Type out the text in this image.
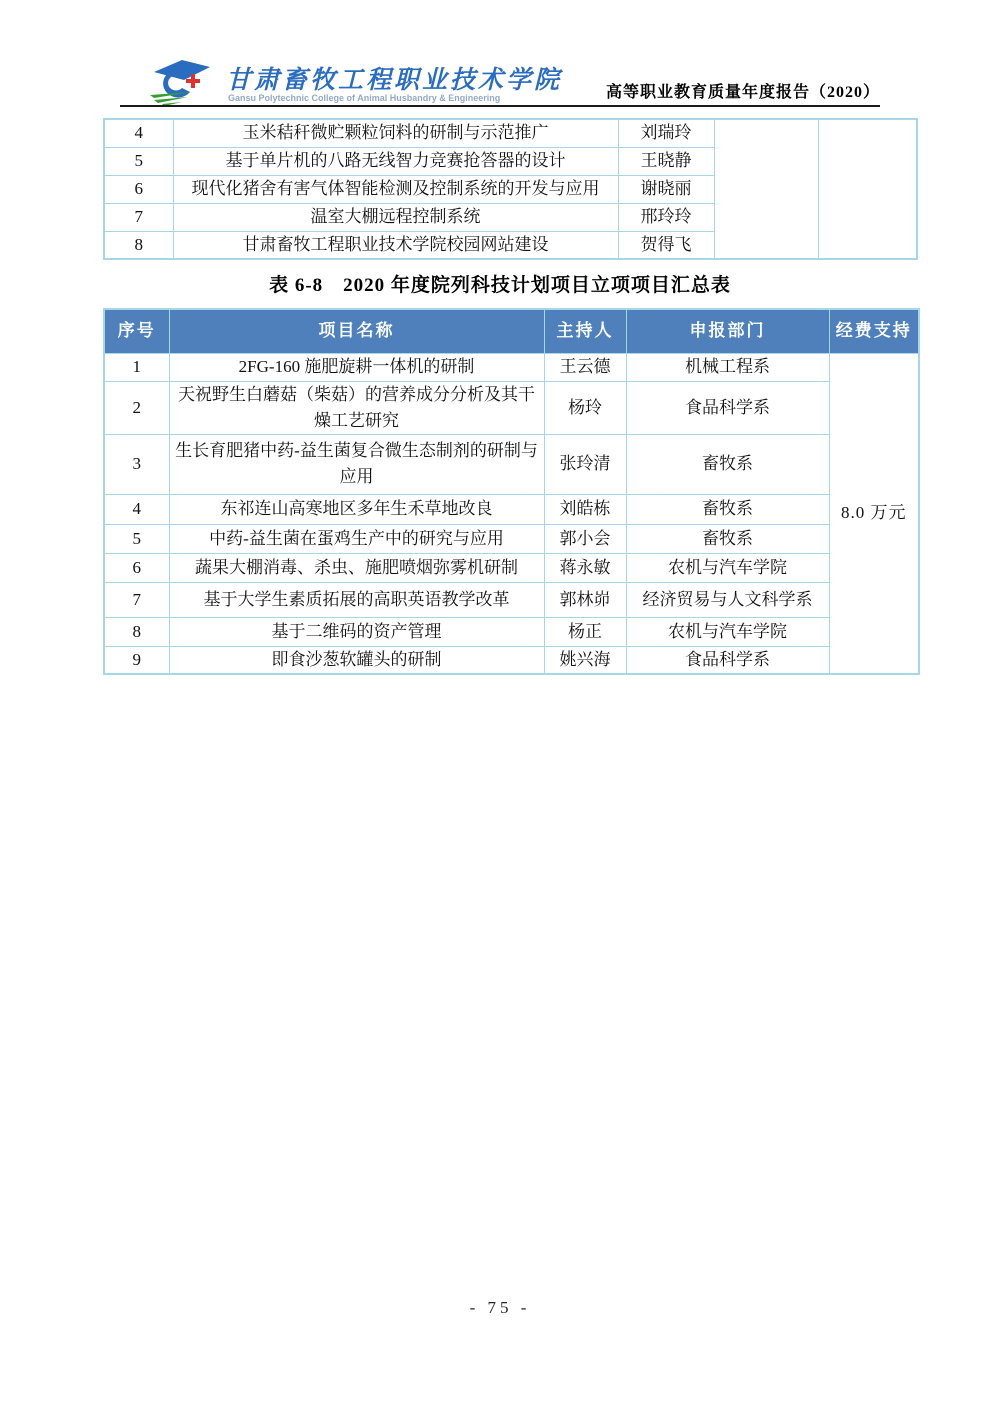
甘肃畜牧工程职业技术学院
Gansu Polytechnic College of Animal Husbandry & Engineering	高等职业教育质量年度报告（2020）
4	玉米秸秆微贮颗粒饲料的研制与示范推广	刘瑞玲		
5	基于单片机的八路无线智力竞赛抢答器的设计	王晓静		
6	现代化猪舍有害气体智能检测及控制系统的开发与应用	谢晓丽		
7	温室大棚远程控制系统	邢玲玲		
8	甘肃畜牧工程职业技术学院校园网站建设	贺得飞		
表 6-8　2020 年度院列科技计划项目立项项目汇总表
序号	项目名称	主持人	申报部门	经费支持
1	2FG-160 施肥旋耕一体机的研制	王云德	机械工程系	8.0 万元
2	天祝野生白蘑菇（柴菇）的营养成分分析及其干燥工艺研究	杨玲	食品科学系	
3	生长育肥猪中药-益生菌复合微生态制剂的研制与应用	张玲清	畜牧系	
4	东祁连山高寒地区多年生禾草地改良	刘皓栋	畜牧系	
5	中药-益生菌在蛋鸡生产中的研究与应用	郭小会	畜牧系	
6	蔬果大棚消毒、杀虫、施肥喷烟弥雾机研制	蒋永敏	农机与汽车学院	
7	基于大学生素质拓展的高职英语教学改革	郭林峁	经济贸易与人文科学系	
8	基于二维码的资产管理	杨正	农机与汽车学院	
9	即食沙葱软罐头的研制	姚兴海	食品科学系	
- 75 -
